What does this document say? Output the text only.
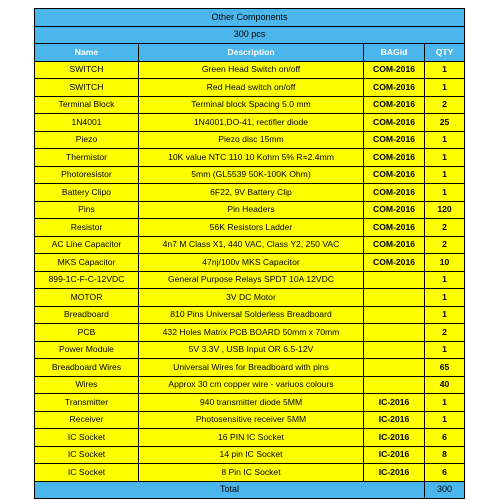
Other Components			
300 pcs			
Name	Description	BAGid	QTY
SWITCH	Green Head Switch on/off	COM-2016	1
SWITCH	Red Head switch on/off	COM-2016	1
Terminal Block	Terminal block Spacing 5.0 mm	COM-2016	2
1N4001	1N4001,DO-41, rectifier diode	COM-2016	25
Piezo	Piezo disc 15mm	COM-2016	1
Thermistor	10K value NTC 110 10 Kohm 5% R=2.4mm	COM-2016	1
Photoresistor	5mm (GL5539 50K-100K Ohm)	COM-2016	1
Battery Clipo	6F22, 9V Battery Clip	COM-2016	1
Pins	Pin Headers	COM-2016	120
Resistor	56K Resistors Ladder	COM-2016	2
AC Line Capacitor	4n7 M Class X1, 440 VAC, Class Y2, 250 VAC	COM-2016	2
MKS Capacitor	47nj/100v MKS Capacitor	COM-2016	10
899-1C-F-C-12VDC	General Purpose Relays SPDT 10A 12VDC		1
MOTOR	3V DC Motor		1
Breadboard	810 Pins Universal Solderless Breadboard		1
PCB	432 Holes Matrix PCB BOARD 50mm x 70mm		2
Power Module	5V 3.3V , USB Input OR 6.5-12V		1
Breadboard Wires	Universal Wires for Breadboard with pins		65
Wires	Approx 30 cm copper wire - variuos colours		40
Transmitter	940 transmitter diode 5MM	IC-2016	1
Receiver	Photosensitive receiver 5MM	IC-2016	1
IC Socket	16 PIN IC Socket	IC-2016	6
IC Socket	14 pin IC Socket	IC-2016	8
IC Socket	8 Pin IC Socket	IC-2016	6
Total			300
